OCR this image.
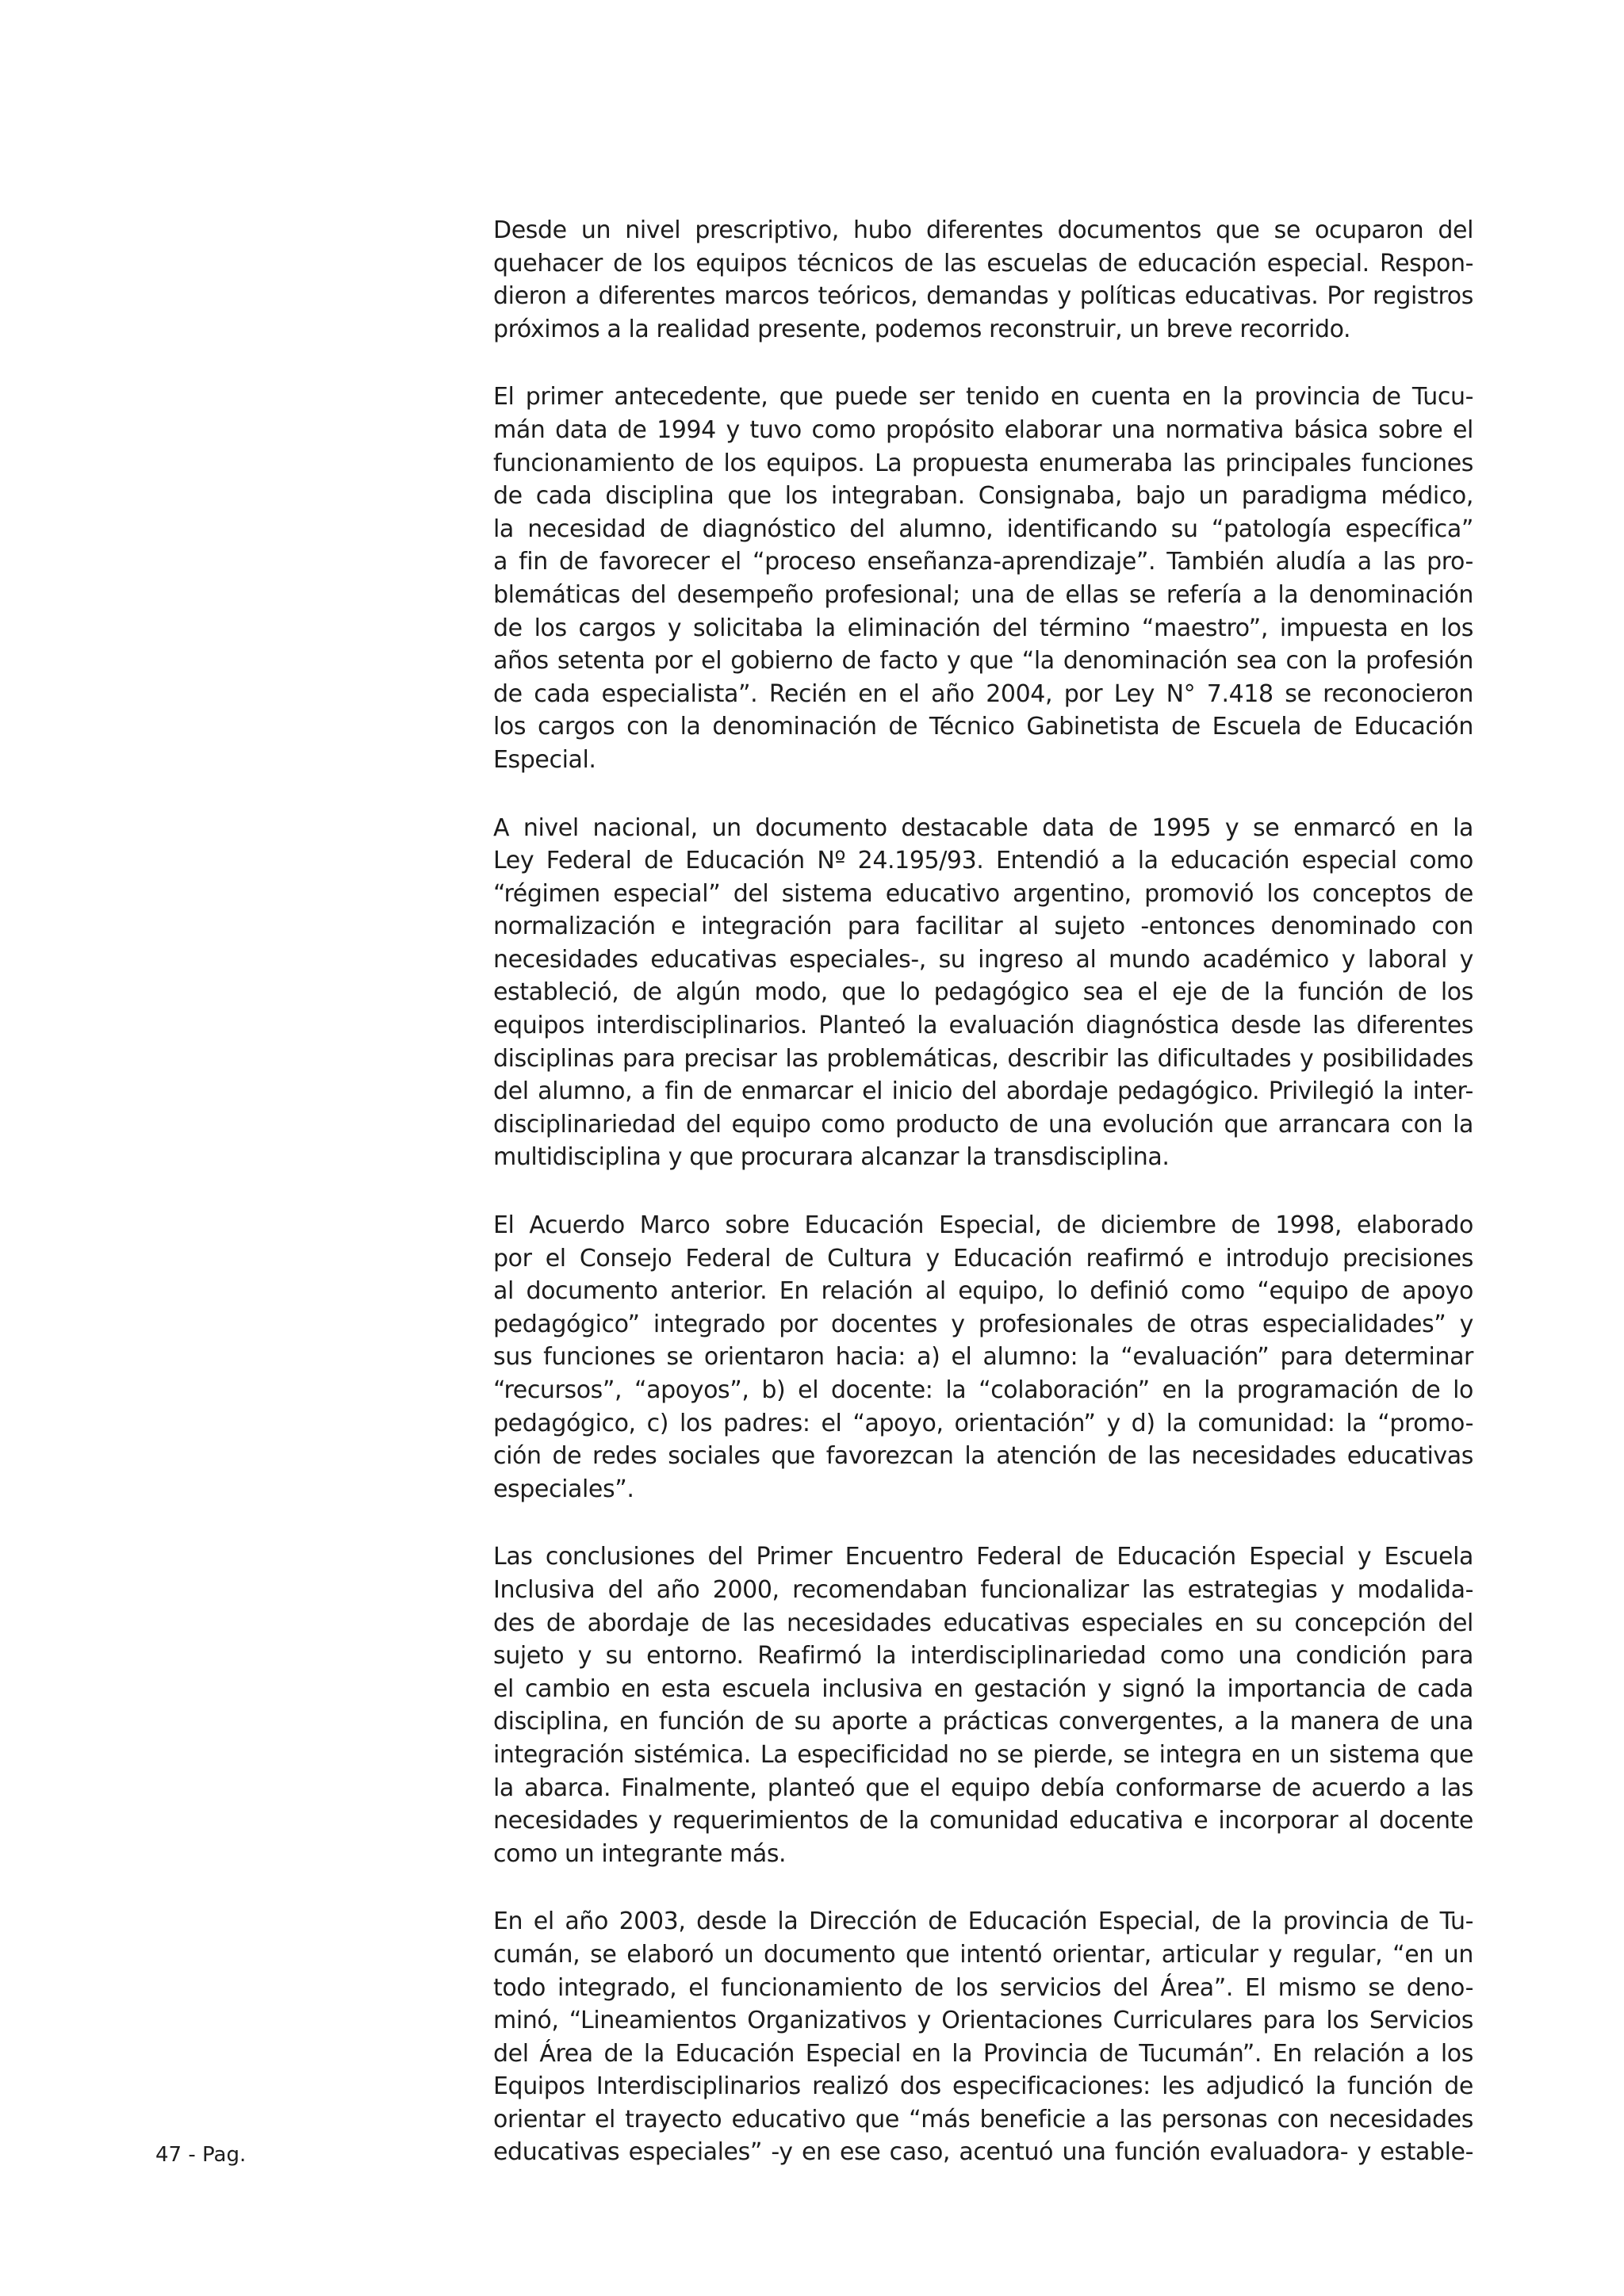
Desde un nivel prescriptivo, hubo diferentes documentos que se ocuparon del
quehacer de los equipos técnicos de las escuelas de educación especial. Respon-
dieron a diferentes marcos teóricos, demandas y políticas educativas. Por registros
próximos a la realidad presente, podemos reconstruir, un breve recorrido.
El primer antecedente, que puede ser tenido en cuenta en la provincia de Tucu-
mán data de 1994 y tuvo como propósito elaborar una normativa básica sobre el
funcionamiento de los equipos. La propuesta enumeraba las principales funciones
de cada disciplina que los integraban. Consignaba, bajo un paradigma médico,
la necesidad de diagnóstico del alumno, identificando su “patología específica”
a fin de favorecer el “proceso enseñanza-aprendizaje”. También aludía a las pro-
blemáticas del desempeño profesional; una de ellas se refería a la denominación
de los cargos y solicitaba la eliminación del término “maestro”, impuesta en los
años setenta por el gobierno de facto y que “la denominación sea con la profesión
de cada especialista”. Recién en el año 2004, por Ley N° 7.418 se reconocieron
los cargos con la denominación de Técnico Gabinetista de Escuela de Educación
Especial.
A nivel nacional, un documento destacable data de 1995 y se enmarcó en la
Ley Federal de Educación Nº 24.195/93. Entendió a la educación especial como
“régimen especial” del sistema educativo argentino, promovió los conceptos de
normalización e integración para facilitar al sujeto -entonces denominado con
necesidades educativas especiales-, su ingreso al mundo académico y laboral y
estableció, de algún modo, que lo pedagógico sea el eje de la función de los
equipos interdisciplinarios. Planteó la evaluación diagnóstica desde las diferentes
disciplinas para precisar las problemáticas, describir las dificultades y posibilidades
del alumno, a fin de enmarcar el inicio del abordaje pedagógico. Privilegió la inter-
disciplinariedad del equipo como producto de una evolución que arrancara con la
multidisciplina y que procurara alcanzar la transdisciplina.
El Acuerdo Marco sobre Educación Especial, de diciembre de 1998, elaborado
por el Consejo Federal de Cultura y Educación reafirmó e introdujo precisiones
al documento anterior. En relación al equipo, lo definió como “equipo de apoyo
pedagógico” integrado por docentes y profesionales de otras especialidades” y
sus funciones se orientaron hacia: a) el alumno: la “evaluación” para determinar
“recursos”, “apoyos”, b) el docente: la “colaboración” en la programación de lo
pedagógico, c) los padres: el “apoyo, orientación” y d) la comunidad: la “promo-
ción de redes sociales que favorezcan la atención de las necesidades educativas
especiales”.
Las conclusiones del Primer Encuentro Federal de Educación Especial y Escuela
Inclusiva del año 2000, recomendaban funcionalizar las estrategias y modalida-
des de abordaje de las necesidades educativas especiales en su concepción del
sujeto y su entorno. Reafirmó la interdisciplinariedad como una condición para
el cambio en esta escuela inclusiva en gestación y signó la importancia de cada
disciplina, en función de su aporte a prácticas convergentes, a la manera de una
integración sistémica. La especificidad no se pierde, se integra en un sistema que
la abarca. Finalmente, planteó que el equipo debía conformarse de acuerdo a las
necesidades y requerimientos de la comunidad educativa e incorporar al docente
como un integrante más.
En el año 2003, desde la Dirección de Educación Especial, de la provincia de Tu-
cumán, se elaboró un documento que intentó orientar, articular y regular, “en un
todo integrado, el funcionamiento de los servicios del Área”. El mismo se deno-
minó, “Lineamientos Organizativos y Orientaciones Curriculares para los Servicios
del Área de la Educación Especial en la Provincia de Tucumán”. En relación a los
Equipos Interdisciplinarios realizó dos especificaciones: les adjudicó la función de
orientar el trayecto educativo que “más beneficie a las personas con necesidades
educativas especiales” -y en ese caso, acentuó una función evaluadora- y estable-
47 - Pag.
